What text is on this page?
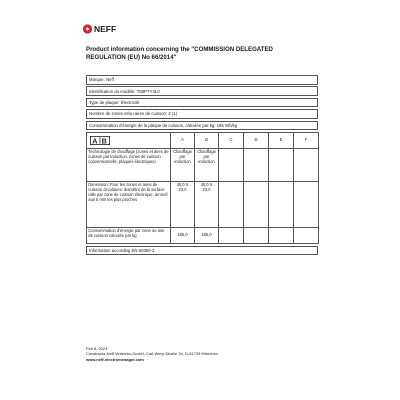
NEFF
Product information concerning the "COMMISSION DELEGATED
REGULATION (EU) No 66/2014"
Marque: Neff
Identification du modèle: T58PTY4L0
Type de plaque: Électricité
Nombre de zones et/ou aires de cuisson: 2 (1)
Consommation d'énergie de la plaque de cuisson, calculée par kg: 185 Wh/kg
A B	A	B	C	D	E	F
Technologie de chauffage (zones et aires de cuisson par induction, zones de cuisson conventionnelle, plaques électriques)	Chauffage par induction	Chauffage par induction				
Dimension: Pour les zones et aires de cuisson circulaires: diamètre de la surface utile par zone de cuisson électrique, arrondi aux 5 mm les plus proches	40,0 X 23,0	40,0 X 23,0				
Consommation d'énergie par zone ou aire de cuisson calculée par kg	185,0	185,0				
Information according EN 60350-2
Feb 8, 2024
Constructa-Neff Vertriebs-GmbH, Carl-Wery-Straße 34, D-81739 München
www.neff-electromenager.com
